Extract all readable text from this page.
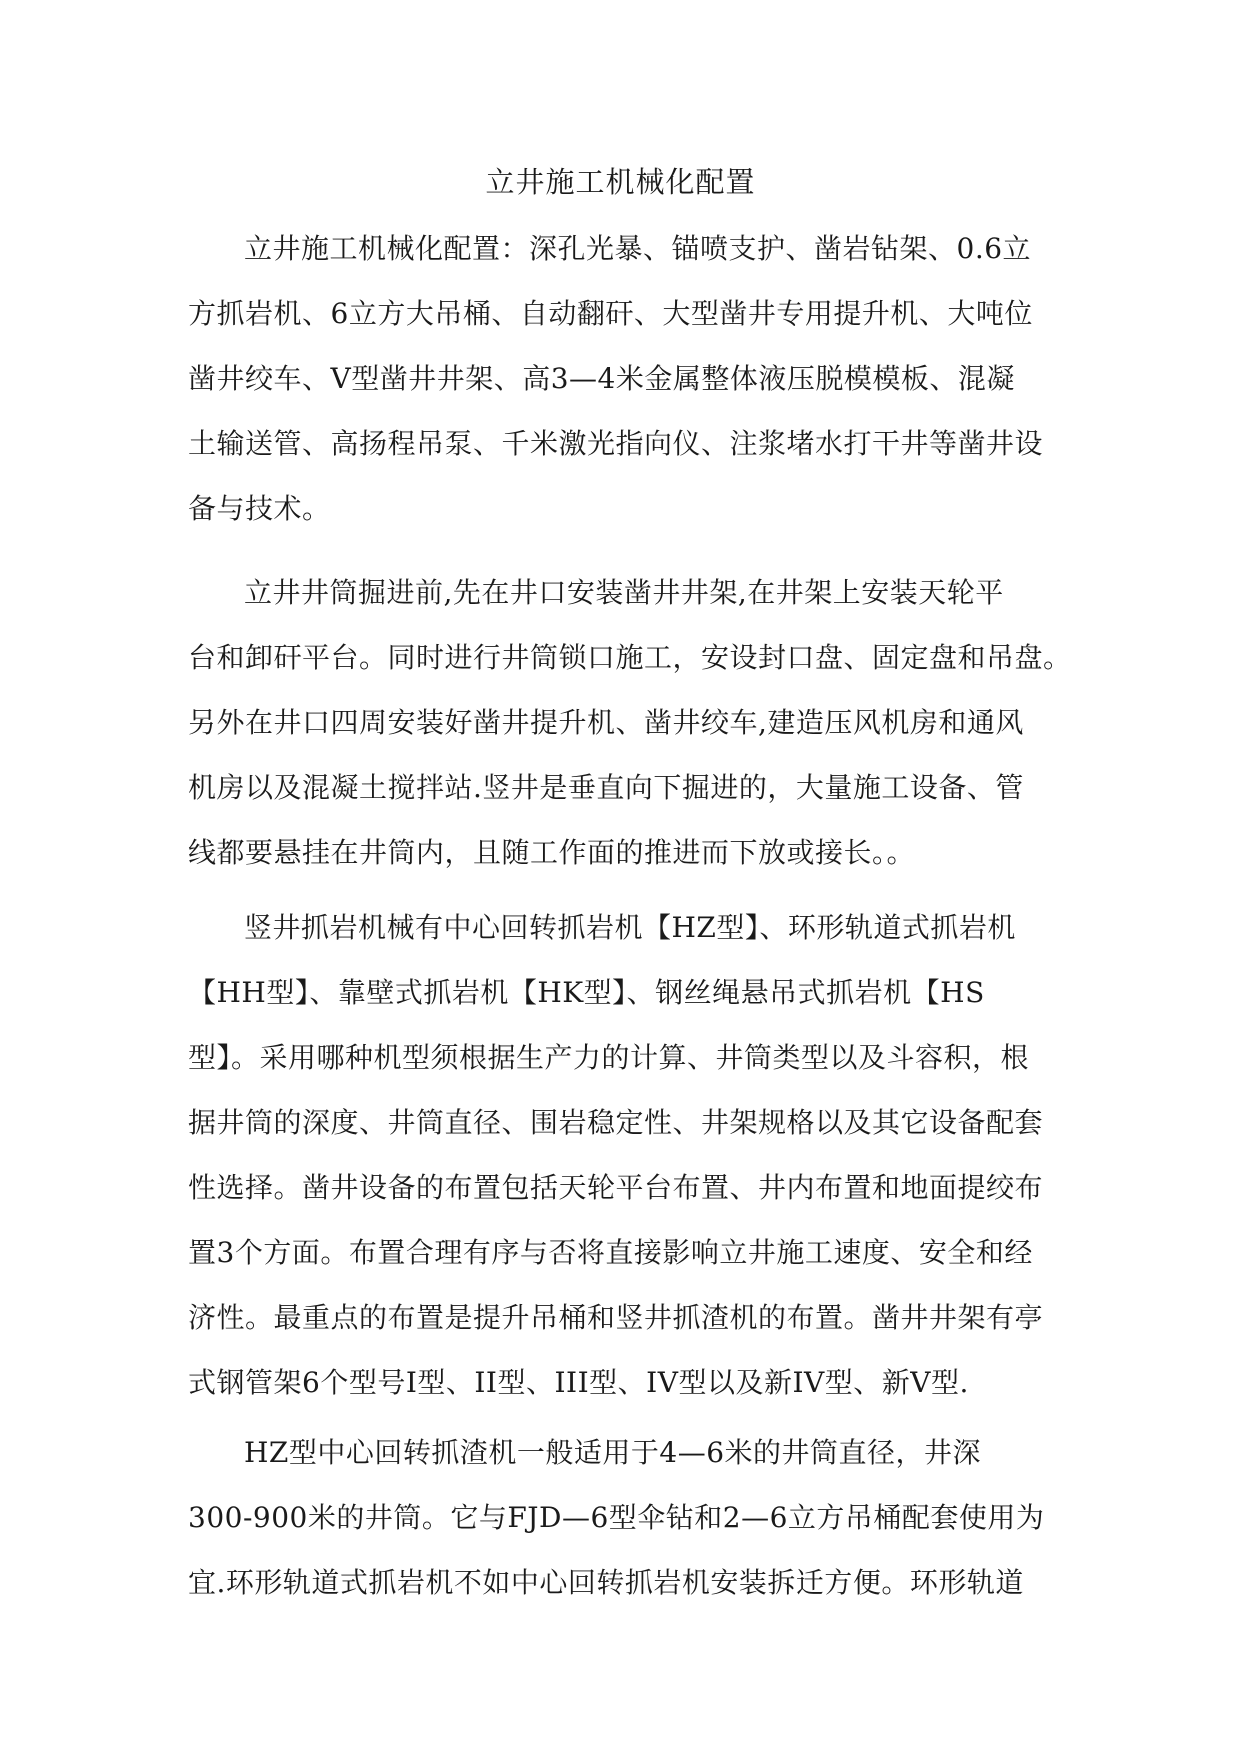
立井施工机械化配置

立井施工机械化配置：深孔光暴、锚喷支护、凿岩钻架、0.6立
方抓岩机、6立方大吊桶、自动翻矸、大型凿井专用提升机、大吨位
凿井绞车、V型凿井井架、高3—4米金属整体液压脱模模板、混凝
土输送管、高扬程吊泵、千米激光指向仪、注浆堵水打干井等凿井设
备与技术。

立井井筒掘进前,先在井口安装凿井井架,在井架上安装天轮平
台和卸矸平台。同时进行井筒锁口施工，安设封口盘、固定盘和吊盘。
另外在井口四周安装好凿井提升机、凿井绞车,建造压风机房和通风
机房以及混凝土搅拌站.竖井是垂直向下掘进的，大量施工设备、管
线都要悬挂在井筒内，且随工作面的推进而下放或接长。。

竖井抓岩机械有中心回转抓岩机【HZ型】、环形轨道式抓岩机
【HH型】、靠壁式抓岩机【HK型】、钢丝绳悬吊式抓岩机【HS
型】。采用哪种机型须根据生产力的计算、井筒类型以及斗容积，根
据井筒的深度、井筒直径、围岩稳定性、井架规格以及其它设备配套
性选择。凿井设备的布置包括天轮平台布置、井内布置和地面提绞布
置3个方面。布置合理有序与否将直接影响立井施工速度、安全和经
济性。最重点的布置是提升吊桶和竖井抓渣机的布置。凿井井架有亭
式钢管架6个型号I型、II型、III型、IV型以及新IV型、新V型.

HZ型中心回转抓渣机一般适用于4—6米的井筒直径，井深
300-900米的井筒。它与FJD—6型伞钻和2—6立方吊桶配套使用为
宜.环形轨道式抓岩机不如中心回转抓岩机安装拆迁方便。环形轨道
